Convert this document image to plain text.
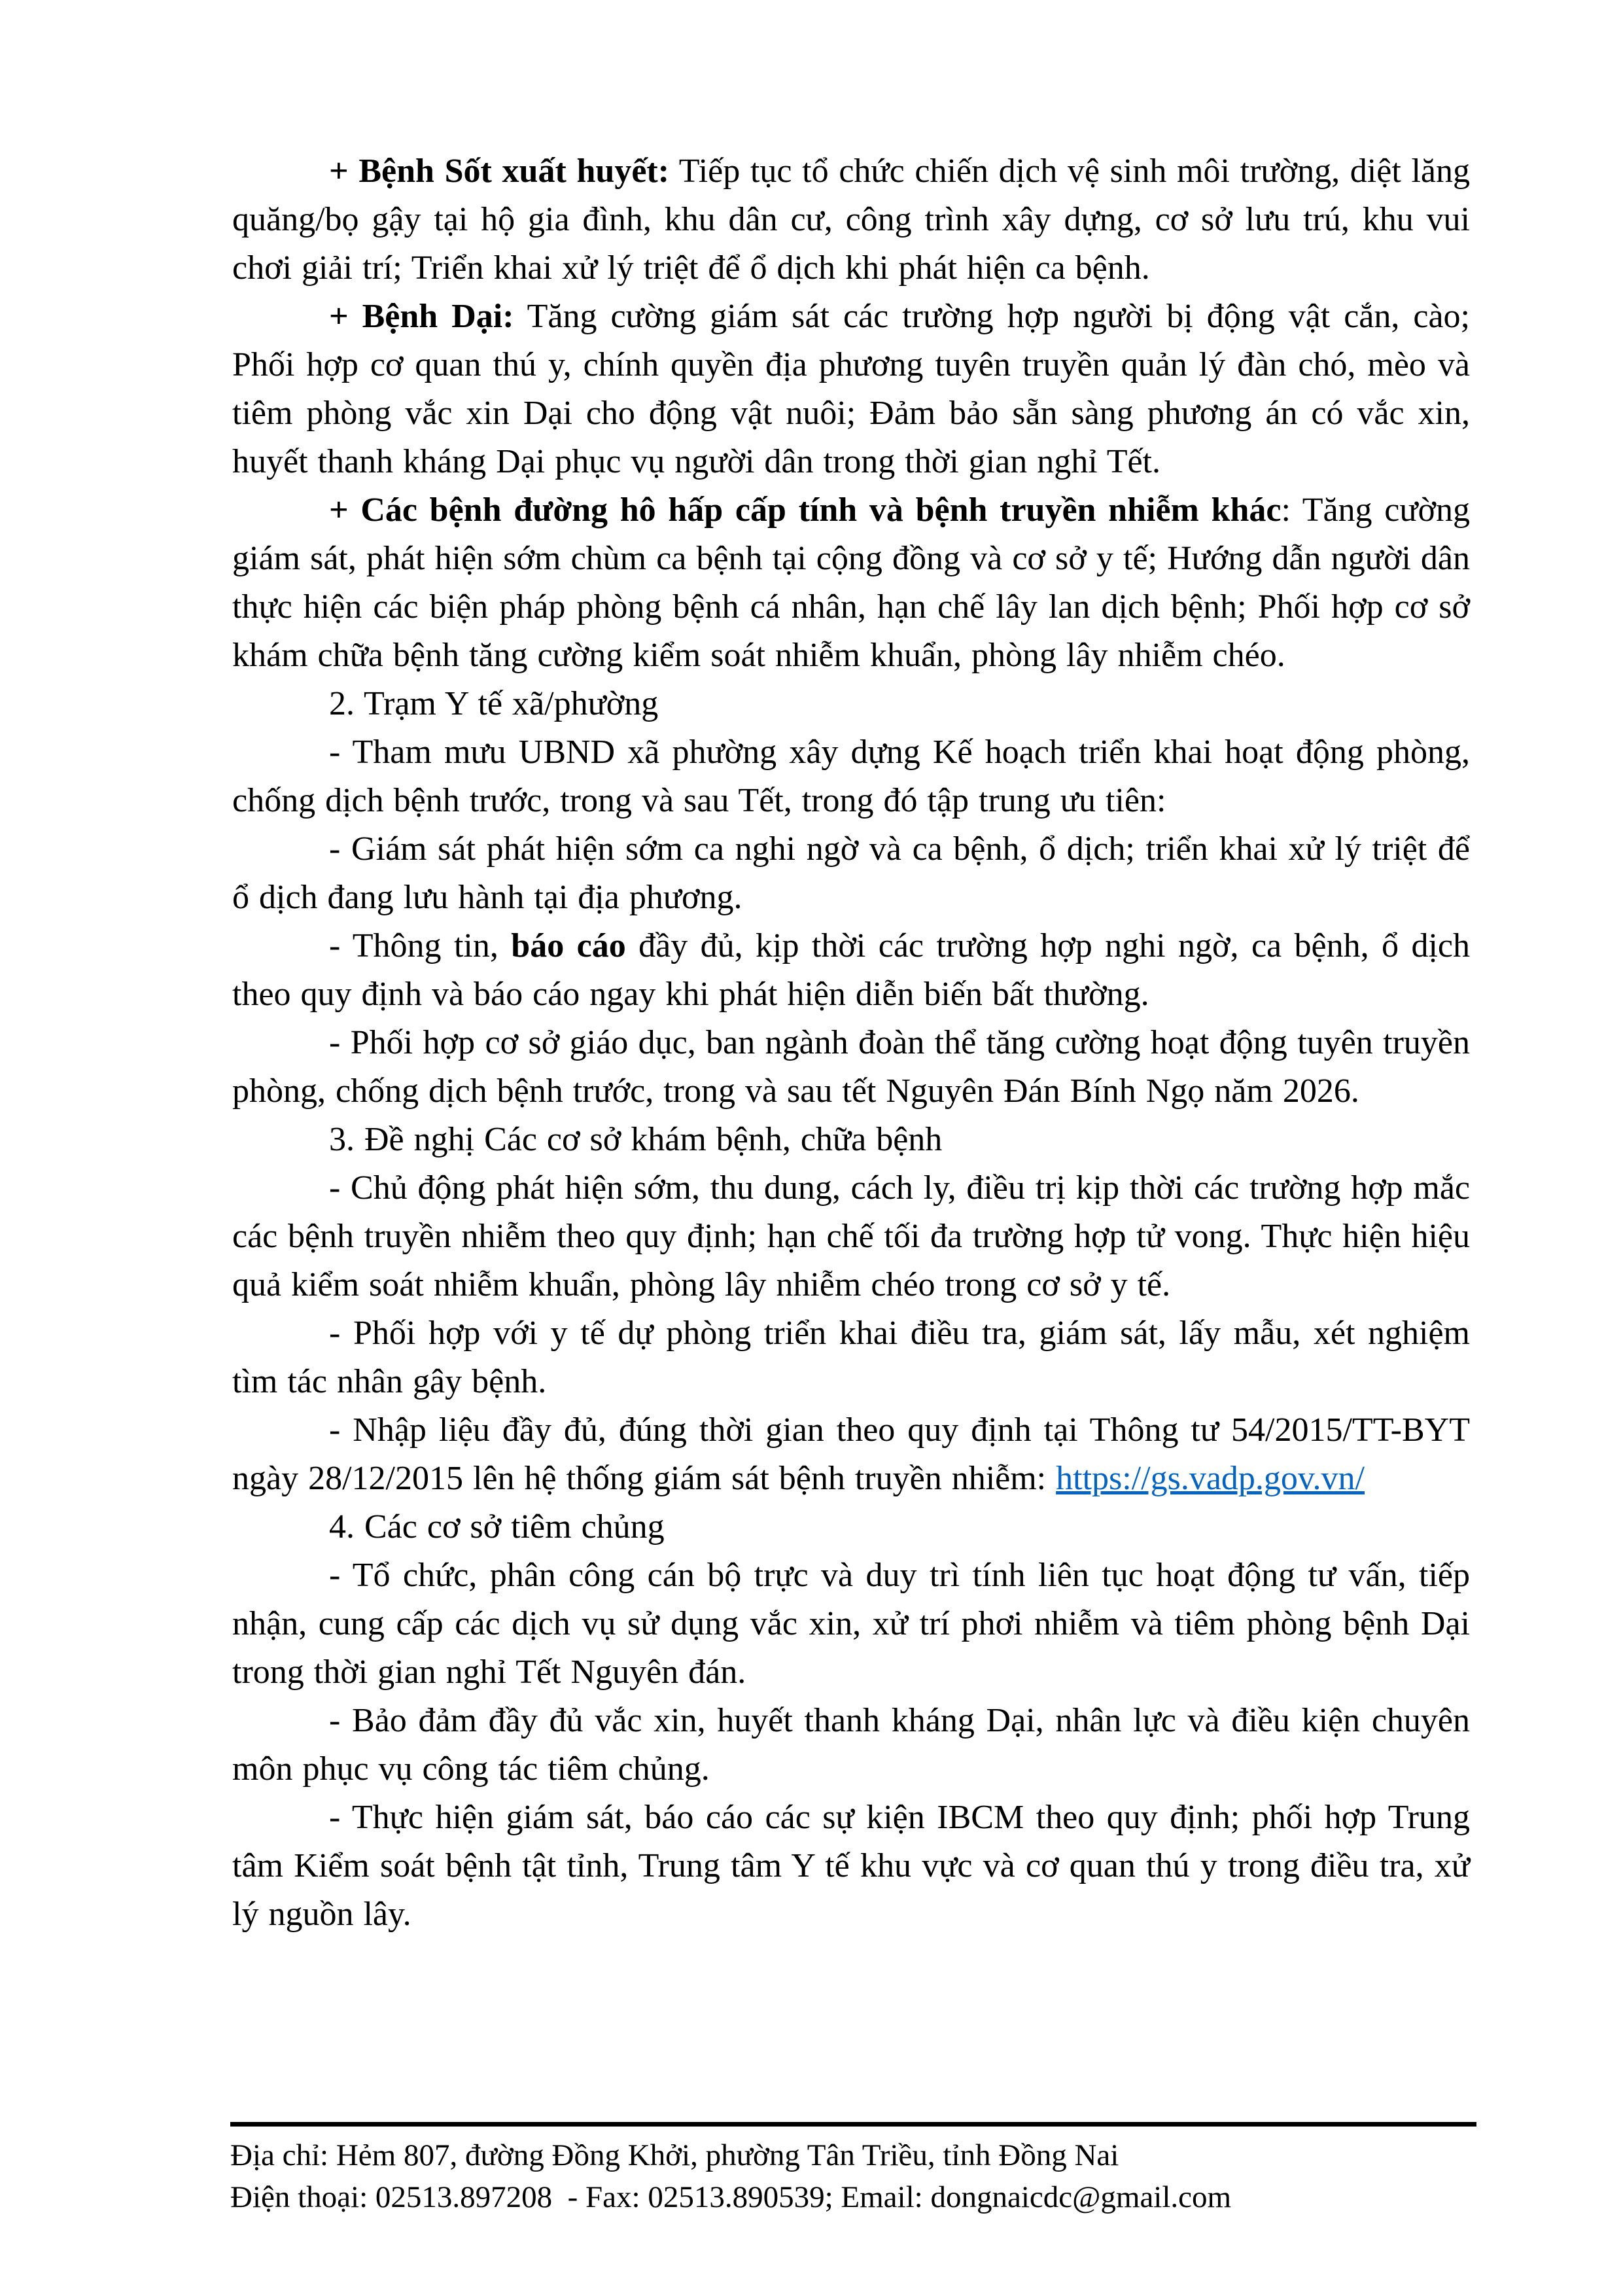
+ Bệnh Sốt xuất huyết: Tiếp tục tổ chức chiến dịch vệ sinh môi trường, diệt lăng quăng/bọ gậy tại hộ gia đình, khu dân cư, công trình xây dựng, cơ sở lưu trú, khu vui chơi giải trí; Triển khai xử lý triệt để ổ dịch khi phát hiện ca bệnh.

+ Bệnh Dại: Tăng cường giám sát các trường hợp người bị động vật cắn, cào; Phối hợp cơ quan thú y, chính quyền địa phương tuyên truyền quản lý đàn chó, mèo và tiêm phòng vắc xin Dại cho động vật nuôi; Đảm bảo sẵn sàng phương án có vắc xin, huyết thanh kháng Dại phục vụ người dân trong thời gian nghỉ Tết.

+ Các bệnh đường hô hấp cấp tính và bệnh truyền nhiễm khác: Tăng cường giám sát, phát hiện sớm chùm ca bệnh tại cộng đồng và cơ sở y tế; Hướng dẫn người dân thực hiện các biện pháp phòng bệnh cá nhân, hạn chế lây lan dịch bệnh; Phối hợp cơ sở khám chữa bệnh tăng cường kiểm soát nhiễm khuẩn, phòng lây nhiễm chéo.

2. Trạm Y tế xã/phường

- Tham mưu UBND xã phường xây dựng Kế hoạch triển khai hoạt động phòng, chống dịch bệnh trước, trong và sau Tết, trong đó tập trung ưu tiên:

- Giám sát phát hiện sớm ca nghi ngờ và ca bệnh, ổ dịch; triển khai xử lý triệt để ổ dịch đang lưu hành tại địa phương.

- Thông tin, báo cáo đầy đủ, kịp thời các trường hợp nghi ngờ, ca bệnh, ổ dịch theo quy định và báo cáo ngay khi phát hiện diễn biến bất thường.

- Phối hợp cơ sở giáo dục, ban ngành đoàn thể tăng cường hoạt động tuyên truyền phòng, chống dịch bệnh trước, trong và sau tết Nguyên Đán Bính Ngọ năm 2026.

3. Đề nghị Các cơ sở khám bệnh, chữa bệnh

- Chủ động phát hiện sớm, thu dung, cách ly, điều trị kịp thời các trường hợp mắc các bệnh truyền nhiễm theo quy định; hạn chế tối đa trường hợp tử vong. Thực hiện hiệu quả kiểm soát nhiễm khuẩn, phòng lây nhiễm chéo trong cơ sở y tế.

- Phối hợp với y tế dự phòng triển khai điều tra, giám sát, lấy mẫu, xét nghiệm tìm tác nhân gây bệnh.

- Nhập liệu đầy đủ, đúng thời gian theo quy định tại Thông tư 54/2015/TT-BYT ngày 28/12/2015 lên hệ thống giám sát bệnh truyền nhiễm: https://gs.vadp.gov.vn/

4. Các cơ sở tiêm chủng

- Tổ chức, phân công cán bộ trực và duy trì tính liên tục hoạt động tư vấn, tiếp nhận, cung cấp các dịch vụ sử dụng vắc xin, xử trí phơi nhiễm và tiêm phòng bệnh Dại trong thời gian nghỉ Tết Nguyên đán.

- Bảo đảm đầy đủ vắc xin, huyết thanh kháng Dại, nhân lực và điều kiện chuyên môn phục vụ công tác tiêm chủng.

- Thực hiện giám sát, báo cáo các sự kiện IBCM theo quy định; phối hợp Trung tâm Kiểm soát bệnh tật tỉnh, Trung tâm Y tế khu vực và cơ quan thú y trong điều tra, xử lý nguồn lây.

Địa chỉ: Hẻm 807, đường Đồng Khởi, phường Tân Triều, tỉnh Đồng Nai
Điện thoại: 02513.897208  - Fax: 02513.890539; Email: dongnaicdc@gmail.com
